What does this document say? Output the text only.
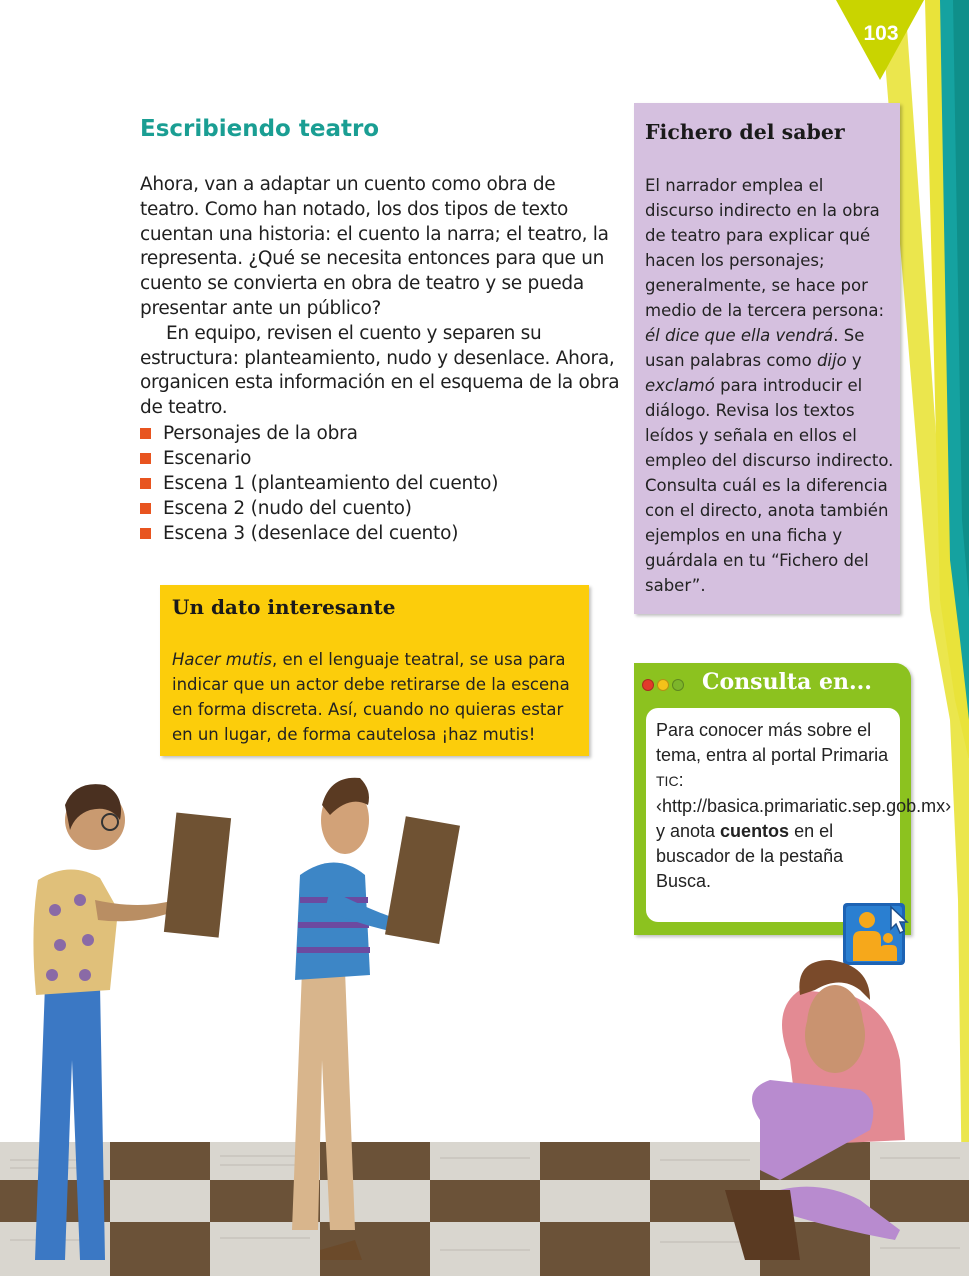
103
Escribiendo teatro

Ahora, van a adaptar un cuento como obra de teatro. Como han notado, los dos tipos de texto cuentan una historia: el cuento la narra; el teatro, la representa. ¿Qué se necesita entonces para que un cuento se convierta en obra de teatro y se pueda presentar ante un público?

En equipo, revisen el cuento y separen su estructura: planteamiento, nudo y desenlace. Ahora, organicen esta información en el esquema de la obra de teatro.

Personajes de la obra
Escenario
Escena 1 (planteamiento del cuento)
Escena 2 (nudo del cuento)
Escena 3 (desenlace del cuento)
Fichero del saber

El narrador emplea el discurso indirecto en la obra de teatro para explicar qué hacen los personajes; generalmente, se hace por medio de la tercera persona: él dice que ella vendrá. Se usan palabras como dijo y exclamó para introducir el diálogo. Revisa los textos leídos y señala en ellos el empleo del discurso indirecto. Consulta cuál es la diferencia con el directo, anota también ejemplos en una ficha y guárdala en tu “Fichero del saber”.

Un dato interesante

Hacer mutis, en el lenguaje teatral, se usa para indicar que un actor debe retirarse de la escena en forma discreta. Así, cuando no quieras estar en un lugar, de forma cautelosa ¡haz mutis!

Consulta en...

Para conocer más sobre el tema, entra al portal Primaria TIC: ‹http://basica.primariatic.sep.gob.mx› y anota cuentos en el buscador de la pestaña Busca.
